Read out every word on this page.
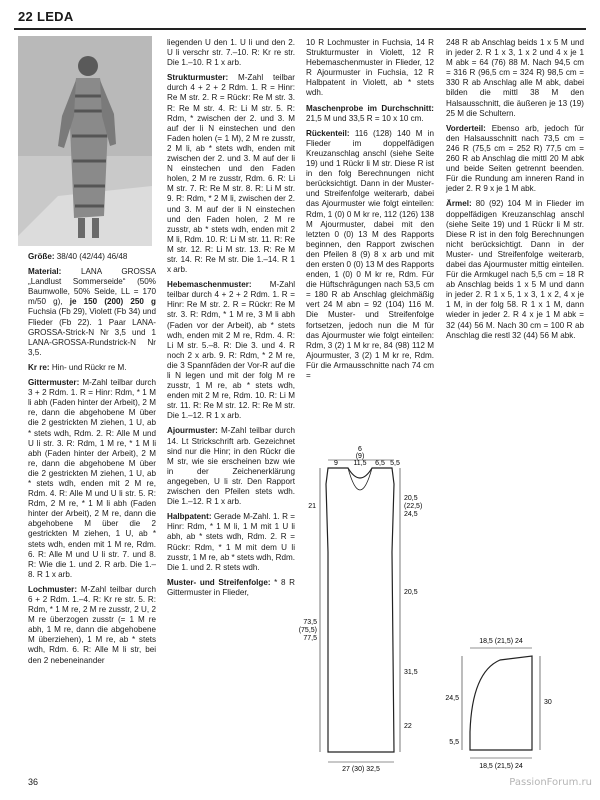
22 LEDA

Größe: 38/40 (42/44) 46/48

Material: LANA GROSSA „Landlust Sommerseide“ (50% Baumwolle, 50% Seide, LL = 170 m/50 g), je 150 (200) 250 g Fuchsia (Fb 29), Violett (Fb 34) und Flieder (Fb 22). 1 Paar LANA-GROSSA-Strick-N Nr 3,5 und 1 LANA-GROSSA-Rundstrick-N Nr 3,5.

Kr re: Hin- und Rückr re M.

Gittermuster: M-Zahl teilbar durch 3 + 2 Rdm. 1. R = Hinr: Rdm, * 1 M li abh (Faden hinter der Arbeit), 2 M re, dann die abgehobene M über die 2 gestrickten M ziehen, 1 U, ab * stets wdh, Rdm. 2. R: Alle M und U li str. 3. R: Rdm, 1 M re, * 1 M li abh (Faden hinter der Arbeit), 2 M re, dann die abgehobene M über die 2 gestrickten M ziehen, 1 U, ab * stets wdh, enden mit 2 M re, Rdm. 4. R: Alle M und U li str. 5. R: Rdm, 2 M re, * 1 M li abh (Faden hinter der Arbeit), 2 M re, dann die abgehobene M über die 2 gestrickten M ziehen, 1 U, ab * stets wdh, enden mit 1 M re, Rdm. 6. R: Alle M und U li str. 7. und 8. R: Wie die 1. und 2. R arb. Die 1.–8. R 1 x arb.

Lochmuster: M-Zahl teilbar durch 6 + 2 Rdm. 1.–4. R: Kr re str. 5. R: Rdm, * 1 M re, 2 M re zusstr, 2 U, 2 M re überzogen zusstr (= 1 M re abh, 1 M re, dann die abgehobene M überziehen), 1 M re, ab * stets wdh, Rdm. 6. R: Alle M li str, bei den 2 nebeneinander

liegenden U den 1. U li und den 2. U li verschr str. 7.–10. R: Kr re str. Die 1.–10. R 1 x arb.

Strukturmuster: M-Zahl teilbar durch 4 + 2 + 2 Rdm. 1. R = Hinr: Re M str. 2. R = Rückr: Re M str. 3. R: Re M str. 4. R: Li M str. 5. R: Rdm, * zwischen der 2. und 3. M auf der li N einstechen und den Faden holen (= 1 M), 2 M re zusstr, 2 M li, ab * stets wdh, enden mit zwischen der 2. und 3. M auf der li N einstechen und den Faden holen, 2 M re zusstr, Rdm. 6. R: Li M str. 7. R: Re M str. 8. R: Li M str. 9. R: Rdm, * 2 M li, zwischen der 2. und 3. M auf der li N einstechen und den Faden holen, 2 M re zusstr, ab * stets wdh, enden mit 2 M li, Rdm. 10. R: Li M str. 11. R: Re M str. 12. R: Li M str. 13. R: Re M str. 14. R: Re M str. Die 1.–14. R 1 x arb.

Hebemaschenmuster: M-Zahl teilbar durch 4 + 2 + 2 Rdm. 1. R = Hinr: Re M str. 2. R = Rückr: Re M str. 3. R: Rdm, * 1 M re, 3 M li abh (Faden vor der Arbeit), ab * stets wdh, enden mit 2 M re, Rdm. 4. R: Li M str. 5.–8. R: Die 3. und 4. R noch 2 x arb. 9. R: Rdm, * 2 M re, die 3 Spannfäden der Vor-R auf die li N legen und mit der folg M re zusstr, 1 M re, ab * stets wdh, enden mit 2 M re, Rdm. 10. R: Li M str. 11. R: Re M str. 12. R: Re M str. Die 1.–12. R 1 x arb.

Ajourmuster: M-Zahl teilbar durch 14. Lt Strickschrift arb. Gezeichnet sind nur die Hinr; in den Rückr die M str, wie sie erscheinen bzw wie in der Zeichenerklärung angegeben, U li str. Den Rapport zwischen den Pfeilen stets wdh. Die 1.–12. R 1 x arb.

Halbpatent: Gerade M-Zahl. 1. R = Hinr: Rdm, * 1 M li, 1 M mit 1 U li abh, ab * stets wdh, Rdm. 2. R = Rückr: Rdm, * 1 M mit dem U li zusstr, 1 M re, ab * stets wdh, Rdm. Die 1. und 2. R stets wdh.

Muster- und Streifenfolge: * 8 R Gittermuster in Flieder,

10 R Lochmuster in Fuchsia, 14 R Strukturmuster in Violett, 12 R Hebemaschenmuster in Flieder, 12 R Ajourmuster in Fuchsia, 12 R Halbpatent in Violett, ab * stets wdh.

Maschenprobe im Durchschnitt: 21,5 M und 33,5 R = 10 x 10 cm.

Rückenteil: 116 (128) 140 M in Flieder im doppelfädigen Kreuzanschlag anschl (siehe Seite 19) und 1 Rückr li M str. Diese R ist in den folg Berechnungen nicht berücksichtigt. Dann in der Muster- und Streifenfolge weiterarb, dabei das Ajourmuster wie folgt einteilen: Rdm, 1 (0) 0 M kr re, 112 (126) 138 M Ajourmuster, dabei mit den letzten 0 (0) 13 M des Rapports beginnen, den Rapport zwischen den Pfeilen 8 (9) 8 x arb und mit den ersten 0 (0) 13 M des Rapports enden, 1 (0) 0 M kr re, Rdm. Für die Hüftschrägungen nach 53,5 cm = 180 R ab Anschlag gleichmäßig vert 24 M abn = 92 (104) 116 M. Die Muster- und Streifenfolge fortsetzen, jedoch nun die M für das Ajourmuster wie folgt einteilen: Rdm, 3 (2) 1 M kr re, 84 (98) 112 M Ajourmuster, 3 (2) 1 M kr re, Rdm. Für die Armausschnitte nach 74 cm =

248 R ab Anschlag beids 1 x 5 M und in jeder 2. R 1 x 3, 1 x 2 und 4 x je 1 M abk = 64 (76) 88 M. Nach 94,5 cm = 316 R (96,5 cm = 324 R) 98,5 cm = 330 R ab Anschlag alle M abk, dabei bilden die mittl 38 M den Halsausschnitt, die äußeren je 13 (19) 25 M die Schultern.

Vorderteil: Ebenso arb, jedoch für den Halsausschnitt nach 73,5 cm = 246 R (75,5 cm = 252 R) 77,5 cm = 260 R ab Anschlag die mittl 20 M abk und beide Seiten getrennt beenden. Für die Rundung am inneren Rand in jeder 2. R 9 x je 1 M abk.

Ärmel: 80 (92) 104 M in Flieder im doppelfädigen Kreuzanschlag anschl (siehe Seite 19) und 1 Rückr li M str. Diese R ist in den folg Berechnungen nicht berücksichtigt. Dann in der Muster- und Streifenfolge weiterarb, dabei das Ajourmuster mittig einteilen. Für die Armkugel nach 5,5 cm = 18 R ab Anschlag beids 1 x 5 M und dann in jeder 2. R 1 x 5, 1 x 3, 1 x 2, 4 x je 1 M, in der folg 58. R 1 x 1 M, dann wieder in jeder 2. R 4 x je 1 M abk = 32 (44) 56 M. Nach 30 cm = 100 R ab Anschlag die restl 32 (44) 56 M abk.

6
(9)
11,5
9	6,5 5,5
20,5
(22,5)
24,5
21
20,5
31,5
22
73,5
(75,5)
77,5
27 (30) 32,5
18,5 (21,5) 24
24,5
30
5,5
18,5 (21,5) 24
36	PassionForum.ru
